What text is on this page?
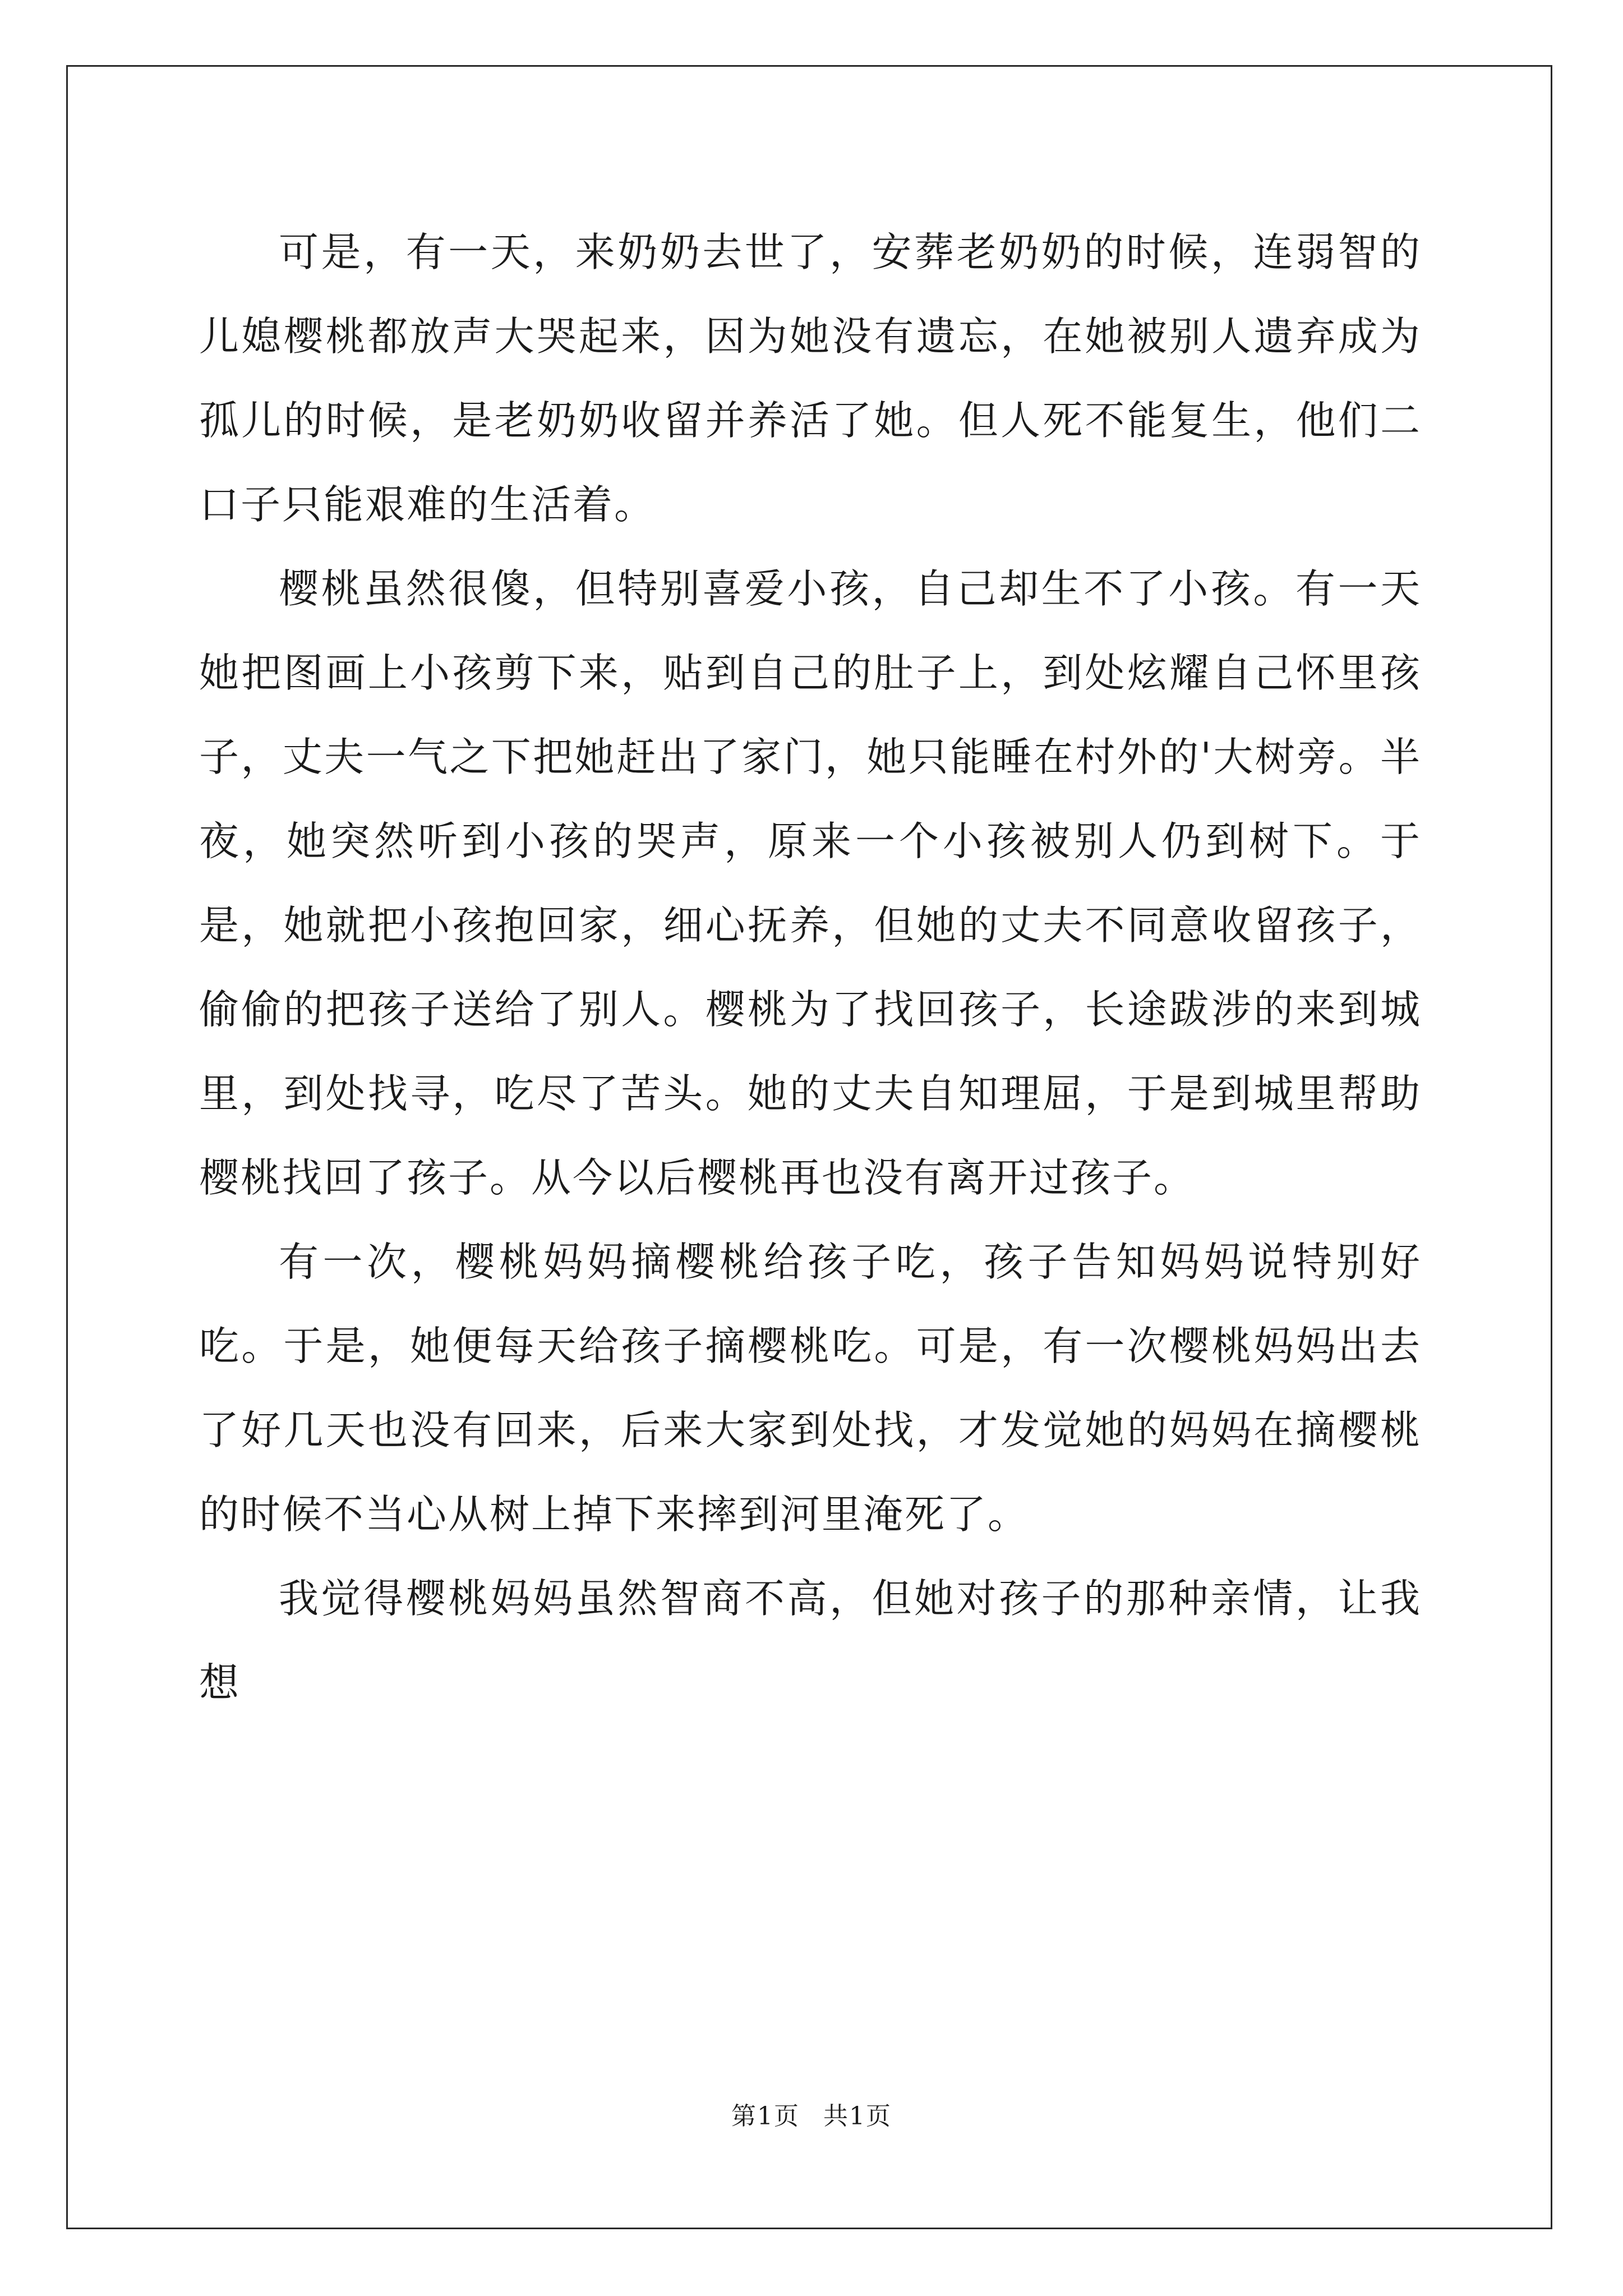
可是，有一天，来奶奶去世了，安葬老奶奶的时候，连弱智的儿媳樱桃都放声大哭起来，因为她没有遗忘，在她被别人遗弃成为孤儿的时候，是老奶奶收留并养活了她。但人死不能复生，他们二口子只能艰难的生活着。

樱桃虽然很傻，但特别喜爱小孩，自己却生不了小孩。有一天她把图画上小孩剪下来，贴到自己的肚子上，到处炫耀自己怀里孩子，丈夫一气之下把她赶出了家门，她只能睡在村外的'大树旁。半夜，她突然听到小孩的哭声，原来一个小孩被别人仍到树下。于是，她就把小孩抱回家，细心抚养，但她的丈夫不同意收留孩子，偷偷的把孩子送给了别人。樱桃为了找回孩子，长途跋涉的来到城里，到处找寻，吃尽了苦头。她的丈夫自知理屈，于是到城里帮助樱桃找回了孩子。从今以后樱桃再也没有离开过孩子。

有一次，樱桃妈妈摘樱桃给孩子吃，孩子告知妈妈说特别好吃。于是，她便每天给孩子摘樱桃吃。可是，有一次樱桃妈妈出去了好几天也没有回来，后来大家到处找，才发觉她的妈妈在摘樱桃的时候不当心从树上掉下来摔到河里淹死了。

我觉得樱桃妈妈虽然智商不高，但她对孩子的那种亲情，让我想

第1页 共1页
